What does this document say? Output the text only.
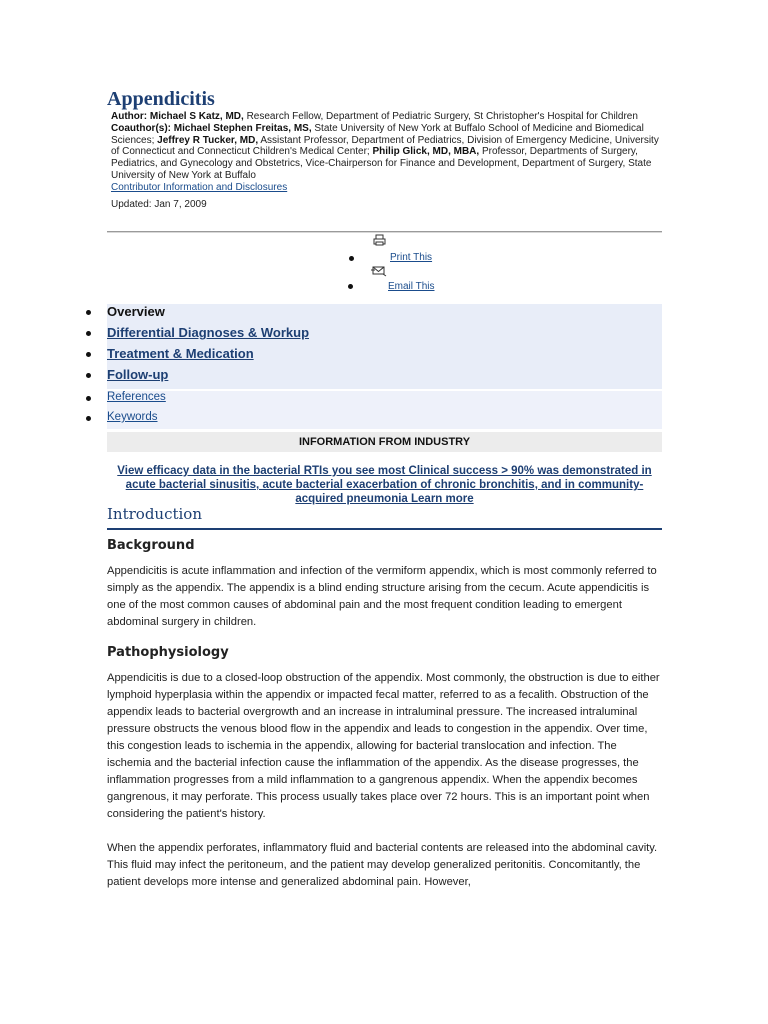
Appendicitis
Author: Michael S Katz, MD, Research Fellow, Department of Pediatric Surgery, St Christopher's Hospital for Children
Coauthor(s): Michael Stephen Freitas, MS, State University of New York at Buffalo School of Medicine and Biomedical Sciences; Jeffrey R Tucker, MD, Assistant Professor, Department of Pediatrics, Division of Emergency Medicine, University of Connecticut and Connecticut Children's Medical Center; Philip Glick, MD, MBA, Professor, Departments of Surgery, Pediatrics, and Gynecology and Obstetrics, Vice-Chairperson for Finance and Development, Department of Surgery, State University of New York at Buffalo
Contributor Information and Disclosures
Updated: Jan 7, 2009
Print This
Email This
Overview
Differential Diagnoses & Workup
Treatment & Medication
Follow-up
References
Keywords
INFORMATION FROM INDUSTRY
View efficacy data in the bacterial RTIs you see most Clinical success > 90% was demonstrated in acute bacterial sinusitis, acute bacterial exacerbation of chronic bronchitis, and in community-acquired pneumonia Learn more
Introduction
Background
Appendicitis is acute inflammation and infection of the vermiform appendix, which is most commonly referred to simply as the appendix. The appendix is a blind ending structure arising from the cecum. Acute appendicitis is one of the most common causes of abdominal pain and the most frequent condition leading to emergent abdominal surgery in children.
Pathophysiology
Appendicitis is due to a closed-loop obstruction of the appendix. Most commonly, the obstruction is due to either lymphoid hyperplasia within the appendix or impacted fecal matter, referred to as a fecalith. Obstruction of the appendix leads to bacterial overgrowth and an increase in intraluminal pressure. The increased intraluminal pressure obstructs the venous blood flow in the appendix and leads to congestion in the appendix. Over time, this congestion leads to ischemia in the appendix, allowing for bacterial translocation and infection. The ischemia and the bacterial infection cause the inflammation of the appendix. As the disease progresses, the inflammation progresses from a mild inflammation to a gangrenous appendix. When the appendix becomes gangrenous, it may perforate. This process usually takes place over 72 hours. This is an important point when considering the patient's history.
When the appendix perforates, inflammatory fluid and bacterial contents are released into the abdominal cavity. This fluid may infect the peritoneum, and the patient may develop generalized peritonitis. Concomitantly, the patient develops more intense and generalized abdominal pain. However,
